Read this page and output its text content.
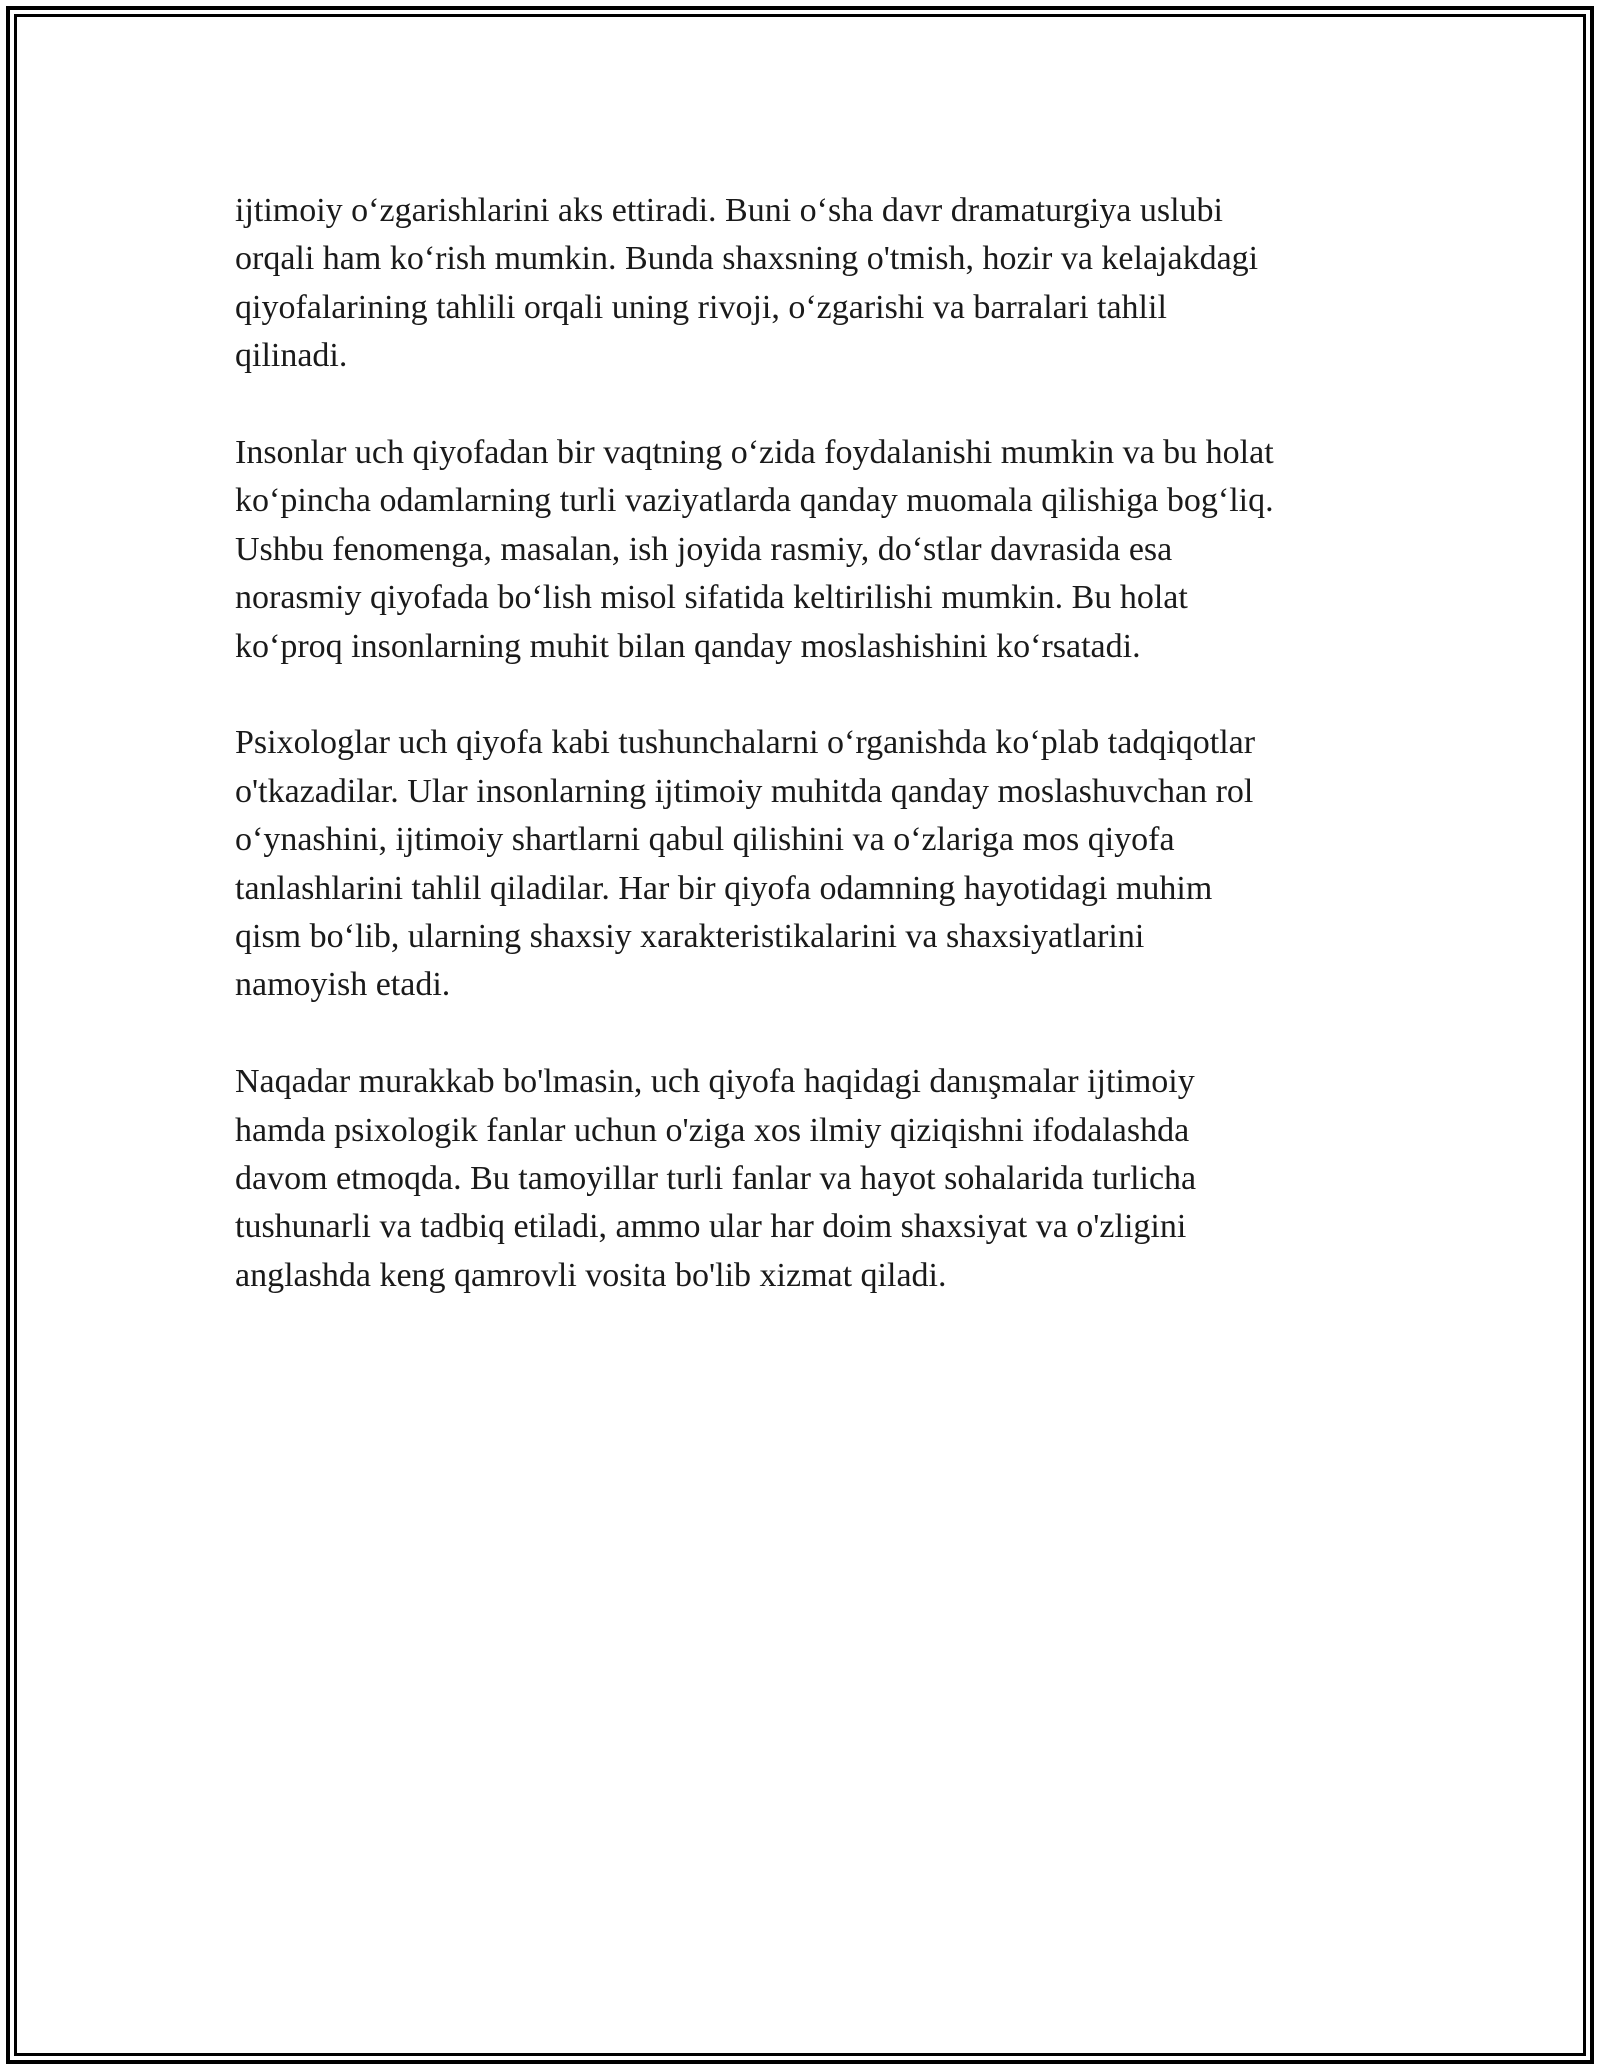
ijtimoiy o‘zgarishlarini aks ettiradi. Buni o‘sha davr dramaturgiya uslubi
orqali ham ko‘rish mumkin. Bunda shaxsning o'tmish, hozir va kelajakdagi
qiyofalarining tahlili orqali uning rivoji, o‘zgarishi va barralari tahlil
qilinadi.

Insonlar uch qiyofadan bir vaqtning o‘zida foydalanishi mumkin va bu holat
ko‘pincha odamlarning turli vaziyatlarda qanday muomala qilishiga bog‘liq.
Ushbu fenomenga, masalan, ish joyida rasmiy, do‘stlar davrasida esa
norasmiy qiyofada bo‘lish misol sifatida keltirilishi mumkin. Bu holat
ko‘proq insonlarning muhit bilan qanday moslashishini ko‘rsatadi.

Psixologlar uch qiyofa kabi tushunchalarni o‘rganishda ko‘plab tadqiqotlar
o'tkazadilar. Ular insonlarning ijtimoiy muhitda qanday moslashuvchan rol
o‘ynashini, ijtimoiy shartlarni qabul qilishini va o‘zlariga mos qiyofa
tanlashlarini tahlil qiladilar. Har bir qiyofa odamning hayotidagi muhim
qism bo‘lib, ularning shaxsiy xarakteristikalarini va shaxsiyatlarini
namoyish etadi.

Naqadar murakkab bo'lmasin, uch qiyofa haqidagi danışmalar ijtimoiy
hamda psixologik fanlar uchun o'ziga xos ilmiy qiziqishni ifodalashda
davom etmoqda. Bu tamoyillar turli fanlar va hayot sohalarida turlicha
tushunarli va tadbiq etiladi, ammo ular har doim shaxsiyat va o'zligini
anglashda keng qamrovli vosita bo'lib xizmat qiladi.
